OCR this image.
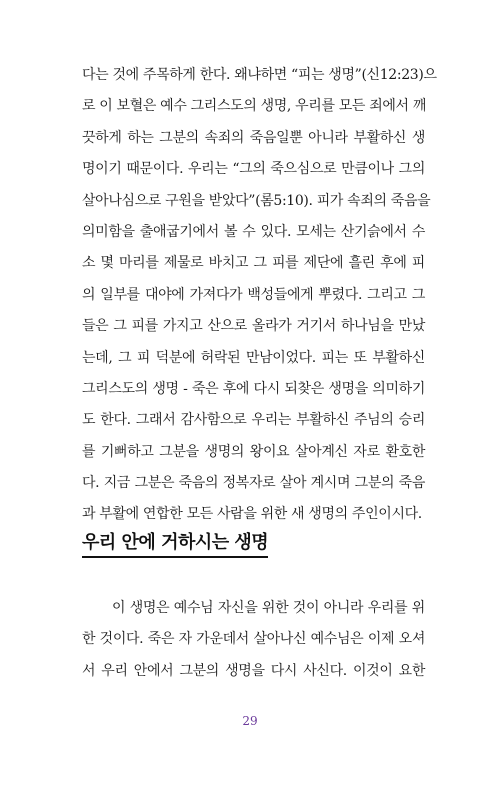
다는 것에 주목하게 한다. 왜냐하면 “피는 생명”(신12:23)으
로 이 보혈은 예수 그리스도의 생명, 우리를 모든 죄에서 깨
끗하게 하는 그분의 속죄의 죽음일뿐 아니라 부활하신 생
명이기 때문이다. 우리는 “그의 죽으심으로 만큼이나 그의
살아나심으로 구원을 받았다”(롬5:10). 피가 속죄의 죽음을
의미함을 출애굽기에서 볼 수 있다. 모세는 산기슭에서 수
소 몇 마리를 제물로 바치고 그 피를 제단에 흘린 후에 피
의 일부를 대야에 가져다가 백성들에게 뿌렸다. 그리고 그
들은 그 피를 가지고 산으로 올라가 거기서 하나님을 만났
는데, 그 피 덕분에 허락된 만남이었다. 피는 또 부활하신
그리스도의 생명 - 죽은 후에 다시 되찾은 생명을 의미하기
도 한다. 그래서 감사함으로 우리는 부활하신 주님의 승리
를 기뻐하고 그분을 생명의 왕이요 살아계신 자로 환호한
다. 지금 그분은 죽음의 정복자로 살아 계시며 그분의 죽음
과 부활에 연합한 모든 사람을 위한 새 생명의 주인이시다.
우리 안에 거하시는 생명
이 생명은 예수님 자신을 위한 것이 아니라 우리를 위
한 것이다. 죽은 자 가운데서 살아나신 예수님은 이제 오셔
서 우리 안에서 그분의 생명을 다시 사신다. 이것이 요한
29
